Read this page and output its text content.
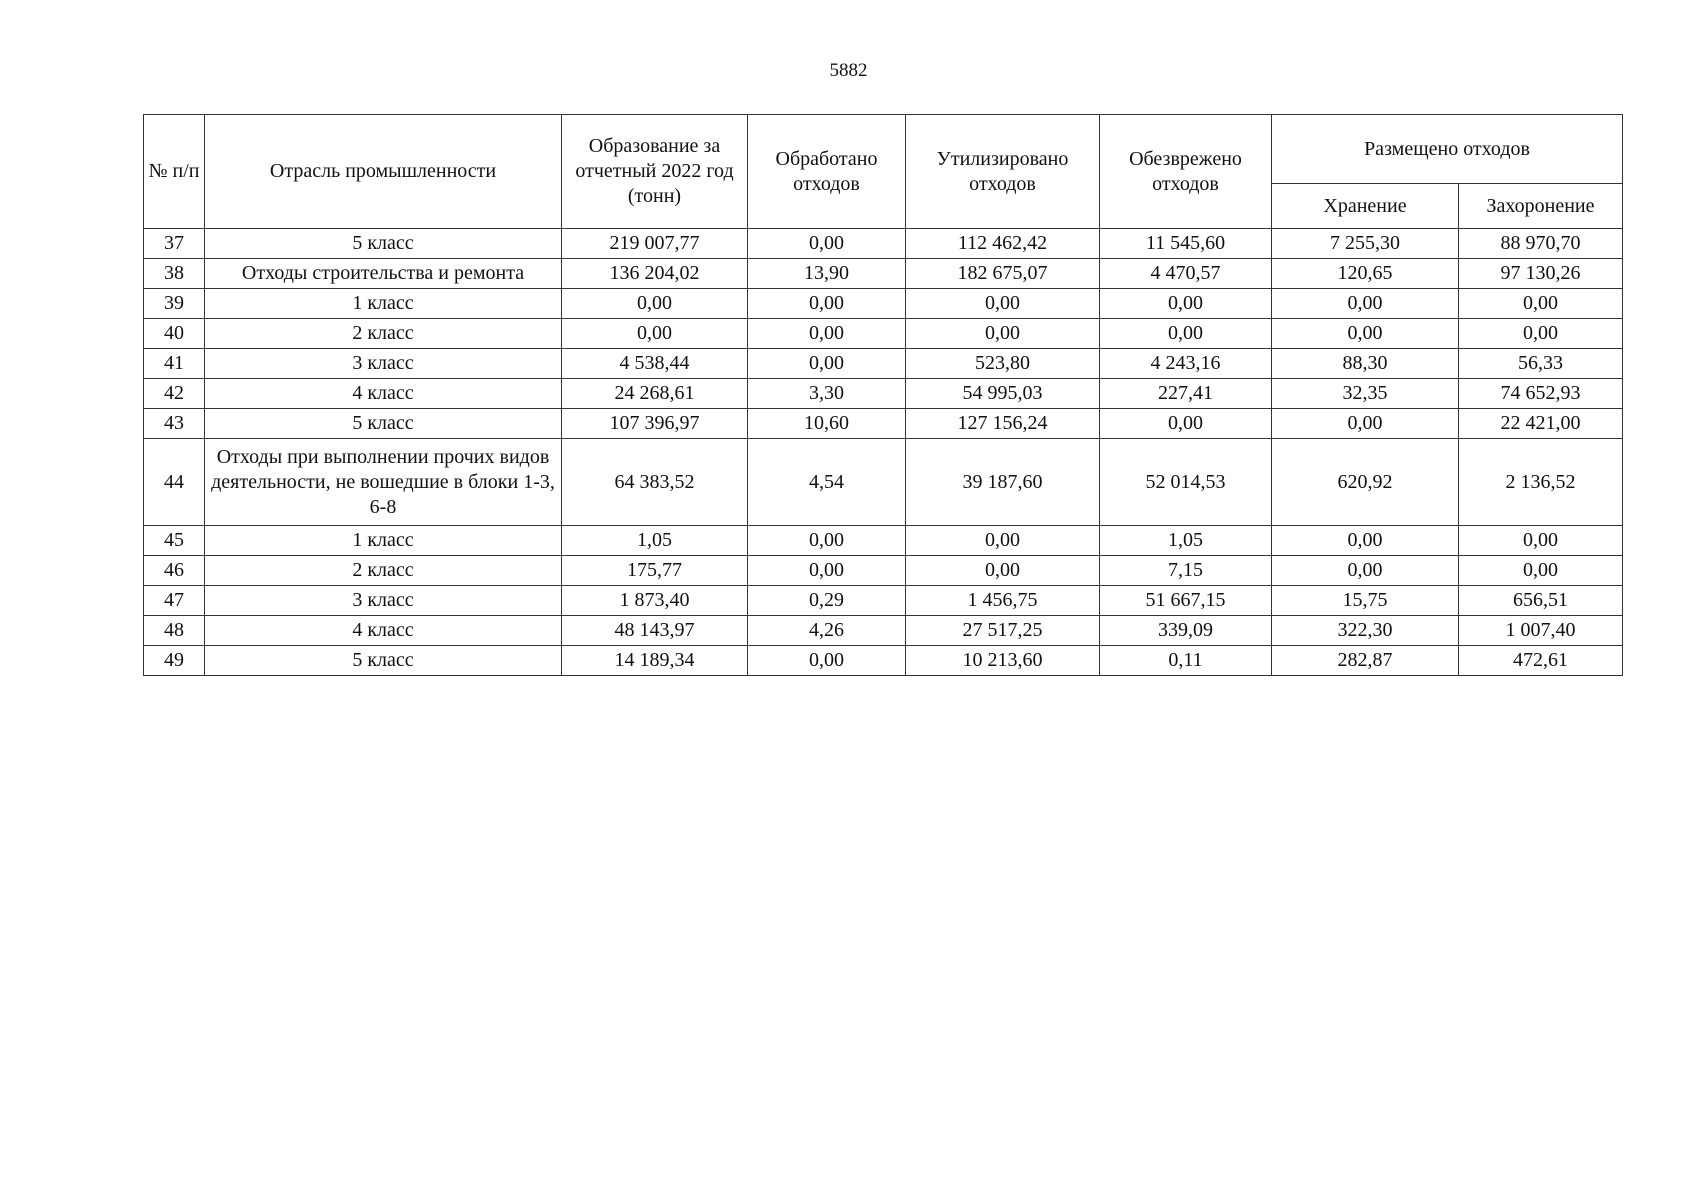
5882
№ п/п	Отрасль промышленности	Образование за отчетный 2022 год (тонн)	Обработано отходов	Утилизировано отходов	Обезврежено отходов	Размещено отходов	
						Хранение	Захоронение
37	5 класс	219 007,77	0,00	112 462,42	11 545,60	7 255,30	88 970,70
38	Отходы строительства и ремонта	136 204,02	13,90	182 675,07	4 470,57	120,65	97 130,26
39	1 класс	0,00	0,00	0,00	0,00	0,00	0,00
40	2 класс	0,00	0,00	0,00	0,00	0,00	0,00
41	3 класс	4 538,44	0,00	523,80	4 243,16	88,30	56,33
42	4 класс	24 268,61	3,30	54 995,03	227,41	32,35	74 652,93
43	5 класс	107 396,97	10,60	127 156,24	0,00	0,00	22 421,00
44	Отходы при выполнении прочих видов деятельности, не вошедшие в блоки 1-3, 6-8	64 383,52	4,54	39 187,60	52 014,53	620,92	2 136,52
45	1 класс	1,05	0,00	0,00	1,05	0,00	0,00
46	2 класс	175,77	0,00	0,00	7,15	0,00	0,00
47	3 класс	1 873,40	0,29	1 456,75	51 667,15	15,75	656,51
48	4 класс	48 143,97	4,26	27 517,25	339,09	322,30	1 007,40
49	5 класс	14 189,34	0,00	10 213,60	0,11	282,87	472,61
